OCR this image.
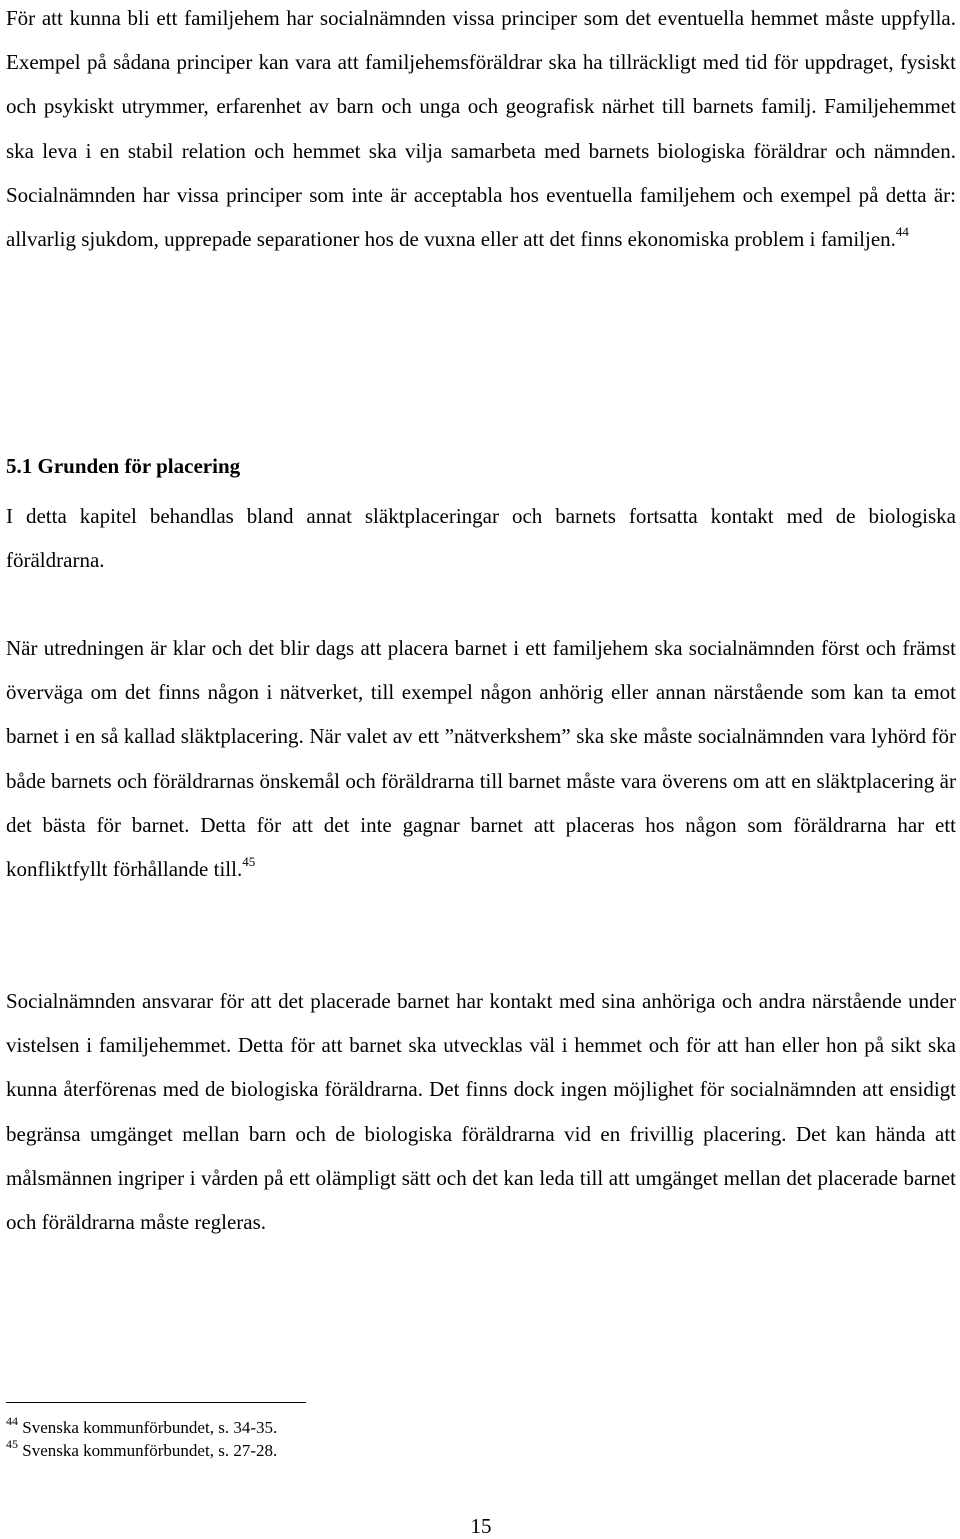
För att kunna bli ett familjehem har socialnämnden vissa principer som det eventuella hemmet måste uppfylla. Exempel på sådana principer kan vara att familjehemsföräldrar ska ha tillräckligt med tid för uppdraget, fysiskt och psykiskt utrymmer, erfarenhet av barn och unga och geografisk närhet till barnets familj. Familjehemmet ska leva i en stabil relation och hemmet ska vilja samarbeta med barnets biologiska föräldrar och nämnden. Socialnämnden har vissa principer som inte är acceptabla hos eventuella familjehem och exempel på detta är: allvarlig sjukdom, upprepade separationer hos de vuxna eller att det finns ekonomiska problem i familjen.$^{44}$

5.1 Grunden för placering

I detta kapitel behandlas bland annat släktplaceringar och barnets fortsatta kontakt med de biologiska föräldrarna.

När utredningen är klar och det blir dags att placera barnet i ett familjehem ska socialnämnden först och främst överväga om det finns någon i nätverket, till exempel någon anhörig eller annan närstående som kan ta emot barnet i en så kallad släktplacering. När valet av ett ”nätverkshem” ska ske måste socialnämnden vara lyhörd för både barnets och föräldrarnas önskemål och föräldrarna till barnet måste vara överens om att en släktplacering är det bästa för barnet. Detta för att det inte gagnar barnet att placeras hos någon som föräldrarna har ett konfliktfyllt förhållande till.$^{45}$

Socialnämnden ansvarar för att det placerade barnet har kontakt med sina anhöriga och andra närstående under vistelsen i familjehemmet. Detta för att barnet ska utvecklas väl i hemmet och för att han eller hon på sikt ska kunna återförenas med de biologiska föräldrarna. Det finns dock ingen möjlighet för socialnämnden att ensidigt begränsa umgänget mellan barn och de biologiska föräldrarna vid en frivillig placering. Det kan hända att målsmännen ingriper i vården på ett olämpligt sätt och det kan leda till att umgänget mellan det placerade barnet och föräldrarna måste regleras.

$^{44}$ Svenska kommunförbundet, s. 34-35.
$^{45}$ Svenska kommunförbundet, s. 27-28.
15
